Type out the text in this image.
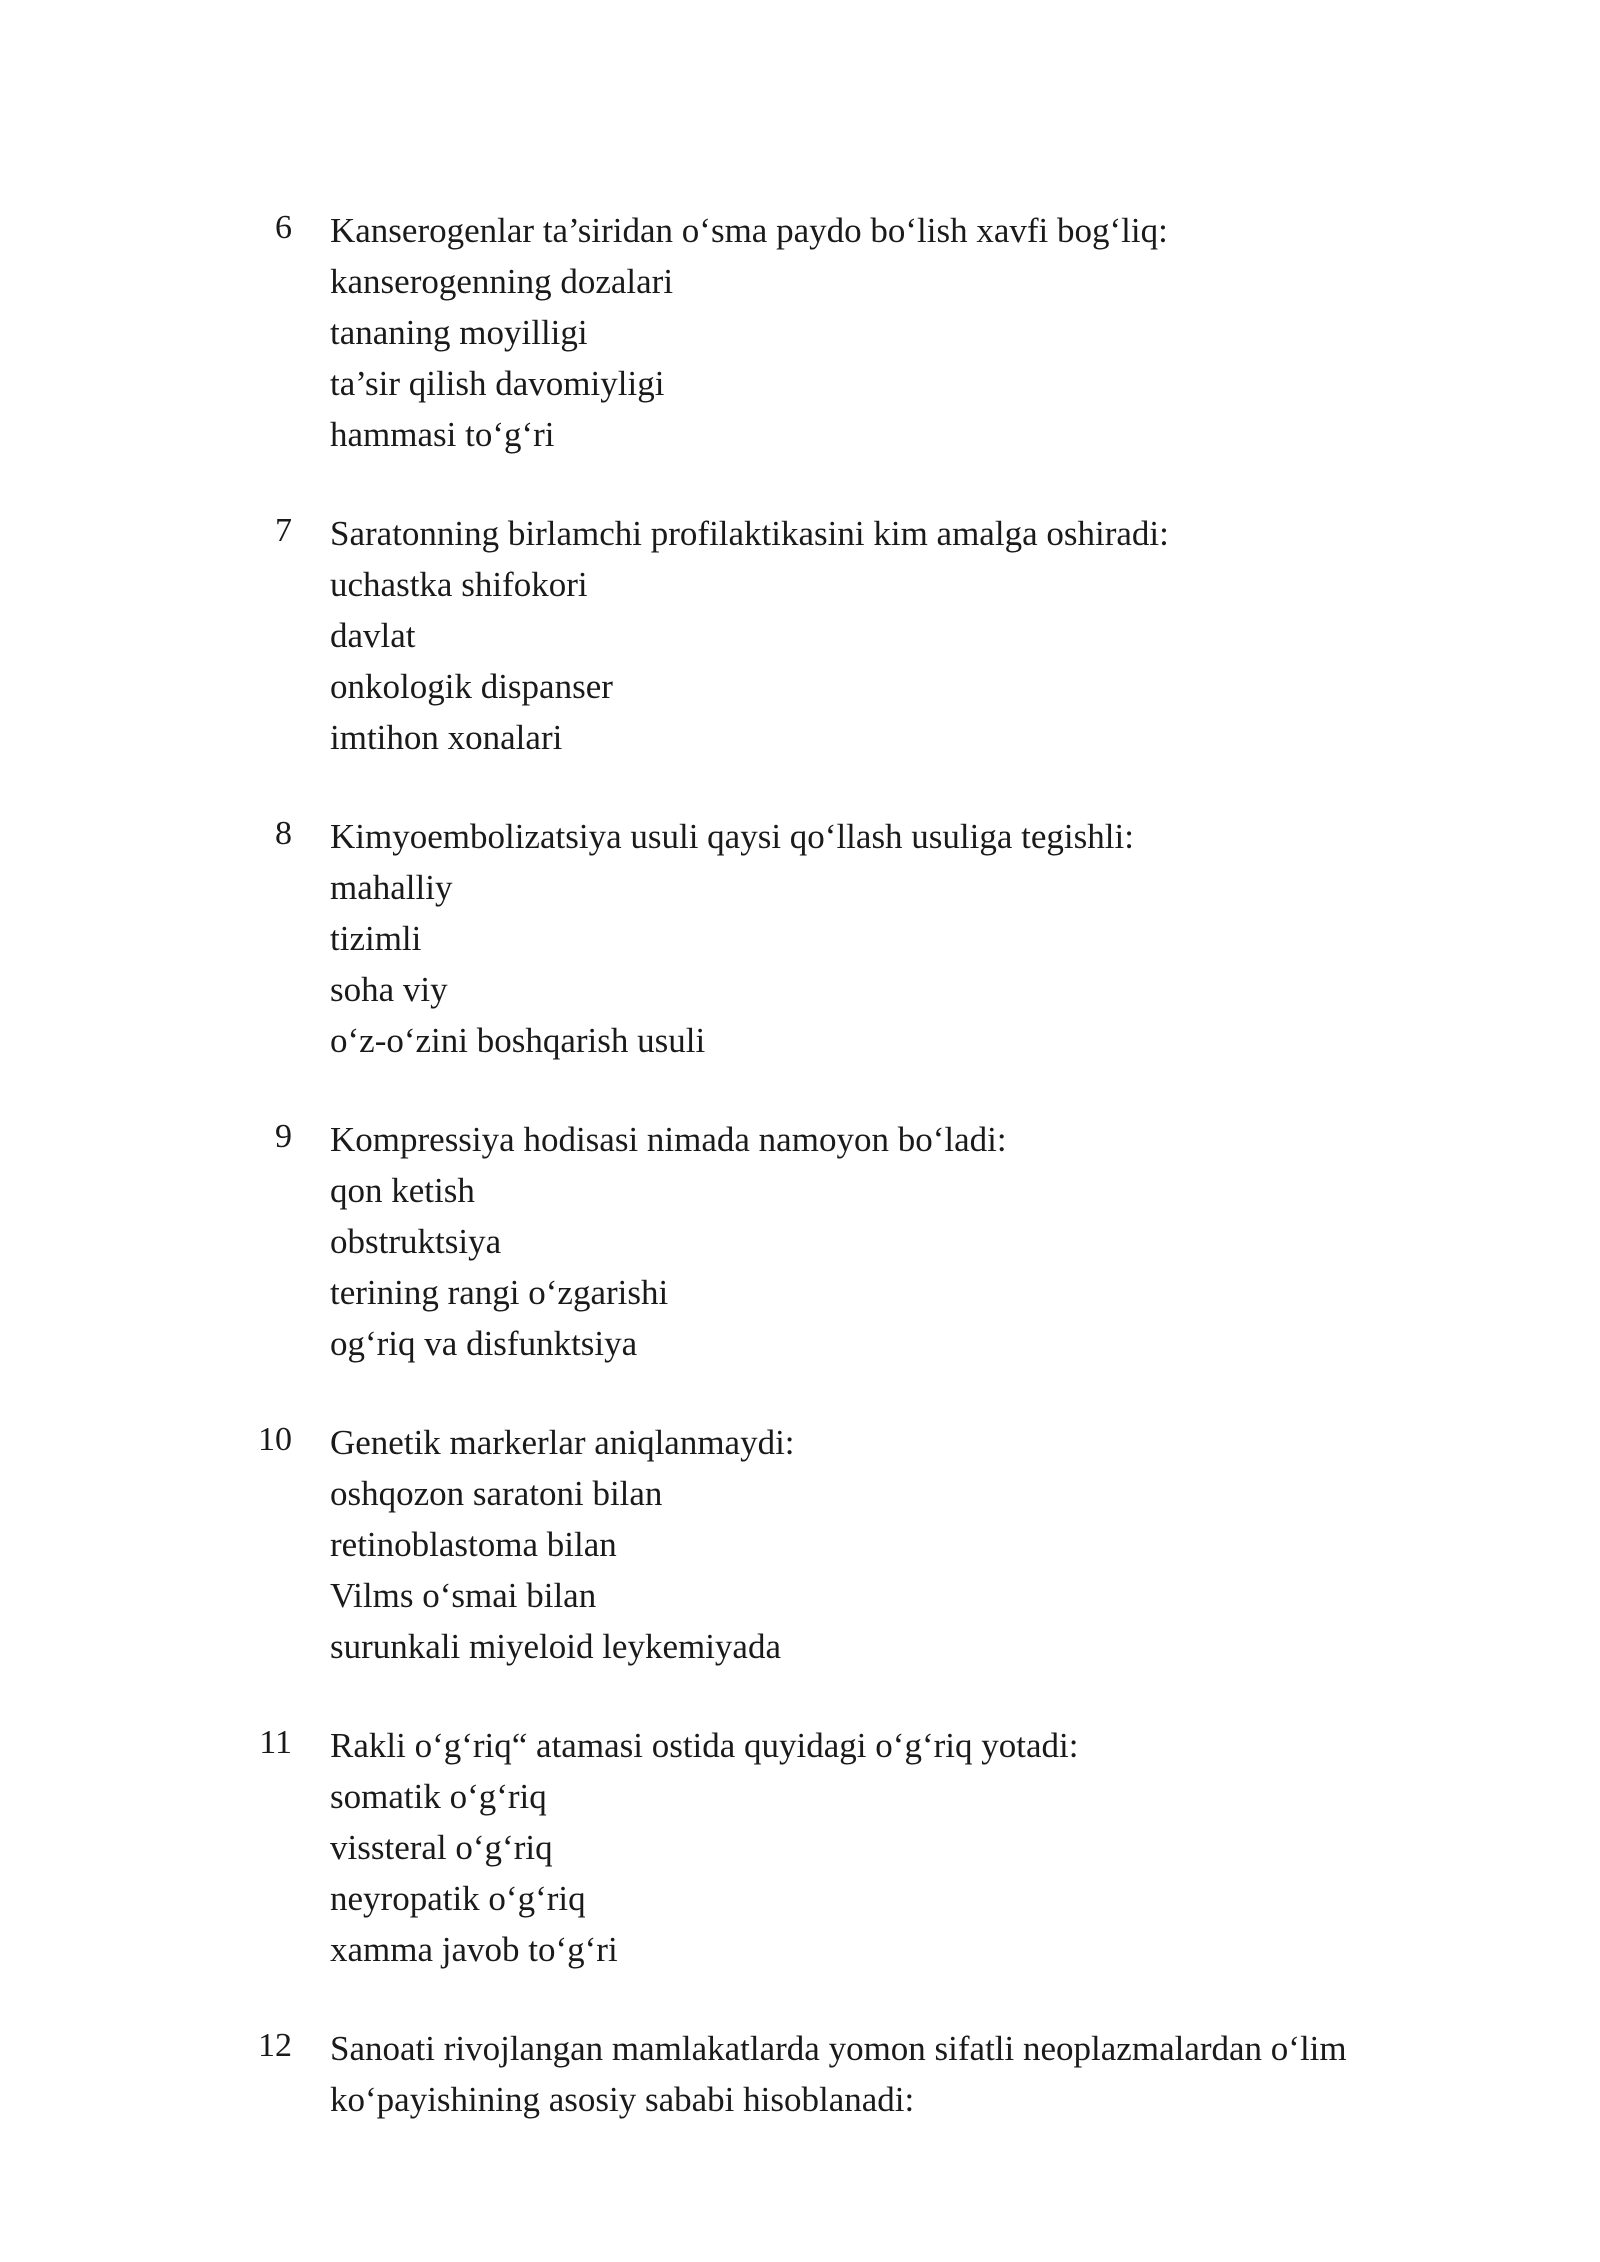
6 Kanserogenlar ta’siridan o‘sma paydo bo‘lish xavfi bog‘liq:
kanserogenning dozalari
tananing moyilligi
ta’sir qilish davomiyligi
hammasi to‘g‘ri
7 Saratonning birlamchi profilaktikasini kim amalga oshiradi:
uchastka shifokori
davlat
onkologik dispanser
imtihon xonalari
8 Kimyoembolizatsiya usuli qaysi qo‘llash usuliga tegishli:
mahalliy
tizimli
soha viy
o‘z-o‘zini boshqarish usuli
9 Kompressiya hodisasi nimada namoyon bo‘ladi:
qon ketish
obstruktsiya
terining rangi o‘zgarishi
og‘riq va disfunktsiya
10 Genetik markerlar aniqlanmaydi:
oshqozon saratoni bilan
retinoblastoma bilan
Vilms o‘smai bilan
surunkali miyeloid leykemiyada
11 Rakli o‘g‘riq“ atamasi ostida quyidagi o‘g‘riq yotadi:
somatik o‘g‘riq
vissteral o‘g‘riq
neyropatik o‘g‘riq
xamma javob to‘g‘ri
12 Sanoati rivojlangan mamlakatlarda yomon sifatli neoplazmalardan o‘lim ko‘payishining asosiy sababi hisoblanadi:
